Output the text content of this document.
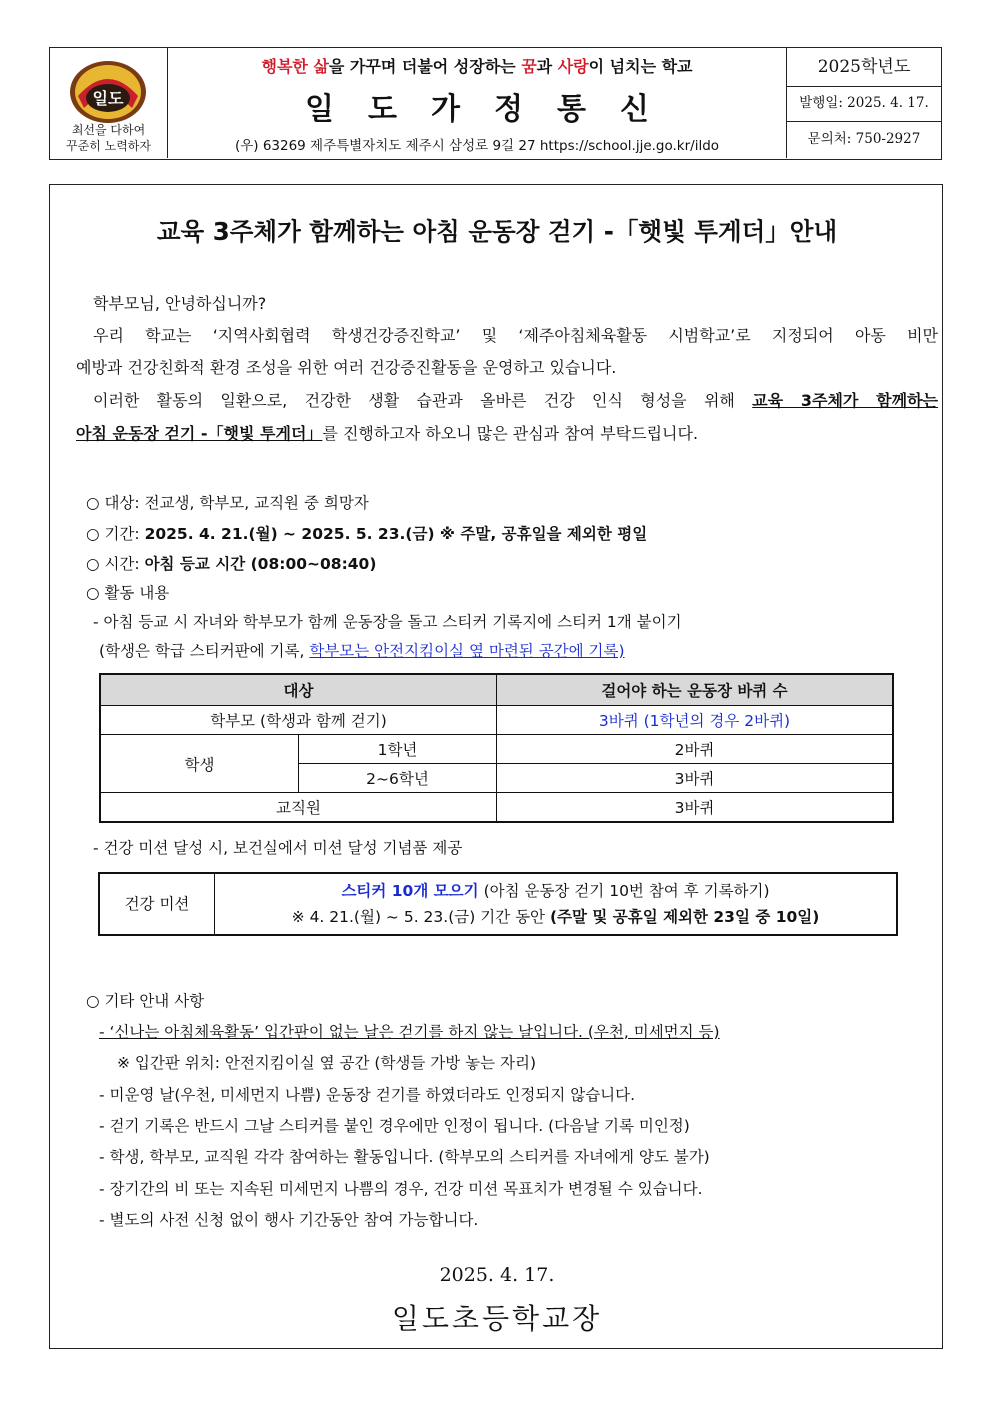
일도
최선을 다하여
꾸준히 노력하자
행복한 삶을 가꾸며 더불어 성장하는 꿈과 사랑이 넘치는 학교
일도가정통신
(우) 63269 제주특별자치도 제주시 삼성로 9길 27 https://school.jje.go.kr/ildo
2025학년도
발행일: 2025. 4. 17.
문의처: 750-2927
교육 3주체가 함께하는 아침 운동장 걷기 -「햇빛 투게더」안내
학부모님, 안녕하십니까?
우리 학교는 ‘지역사회협력 학생건강증진학교’ 및 ‘제주아침체육활동 시범학교’로 지정되어 아동 비만
예방과 건강친화적 환경 조성을 위한 여러 건강증진활동을 운영하고 있습니다.
이러한 활동의 일환으로, 건강한 생활 습관과 올바른 건강 인식 형성을 위해 교육 3주체가 함께하는
아침 운동장 걷기 -「햇빛 투게더」를 진행하고자 하오니 많은 관심과 참여 부탁드립니다.
○ 대상: 전교생, 학부모, 교직원 중 희망자
○ 기간: 2025. 4. 21.(월) ~ 2025. 5. 23.(금) ※ 주말, 공휴일을 제외한 평일
○ 시간: 아침 등교 시간 (08:00~08:40)
○ 활동 내용
- 아침 등교 시 자녀와 학부모가 함께 운동장을 돌고 스티커 기록지에 스티커 1개 붙이기
(학생은 학급 스티커판에 기록, 학부모는 안전지킴이실 옆 마련된 공간에 기록)
대상		걸어야 하는 운동장 바퀴 수
학부모 (학생과 함께 걷기)		3바퀴 (1학년의 경우 2바퀴)
학생	1학년	2바퀴
	2~6학년	3바퀴
교직원		3바퀴
- 건강 미션 달성 시, 보건실에서 미션 달성 기념품 제공
건강 미션	
스티커 10개 모으기 (아침 운동장 걷기 10번 참여 후 기록하기)
※ 4. 21.(월) ~ 5. 23.(금) 기간 동안 (주말 및 공휴일 제외한 23일 중 10일)
○ 기타 안내 사항
- ‘신나는 아침체육활동’ 입간판이 없는 날은 걷기를 하지 않는 날입니다. (우천, 미세먼지 등)
※ 입간판 위치: 안전지킴이실 옆 공간 (학생들 가방 놓는 자리)
- 미운영 날(우천, 미세먼지 나쁨) 운동장 걷기를 하였더라도 인정되지 않습니다.
- 걷기 기록은 반드시 그날 스티커를 붙인 경우에만 인정이 됩니다. (다음날 기록 미인정)
- 학생, 학부모, 교직원 각각 참여하는 활동입니다. (학부모의 스티커를 자녀에게 양도 불가)
- 장기간의 비 또는 지속된 미세먼지 나쁨의 경우, 건강 미션 목표치가 변경될 수 있습니다.
- 별도의 사전 신청 없이 행사 기간동안 참여 가능합니다.
2025. 4. 17.
일도초등학교장
